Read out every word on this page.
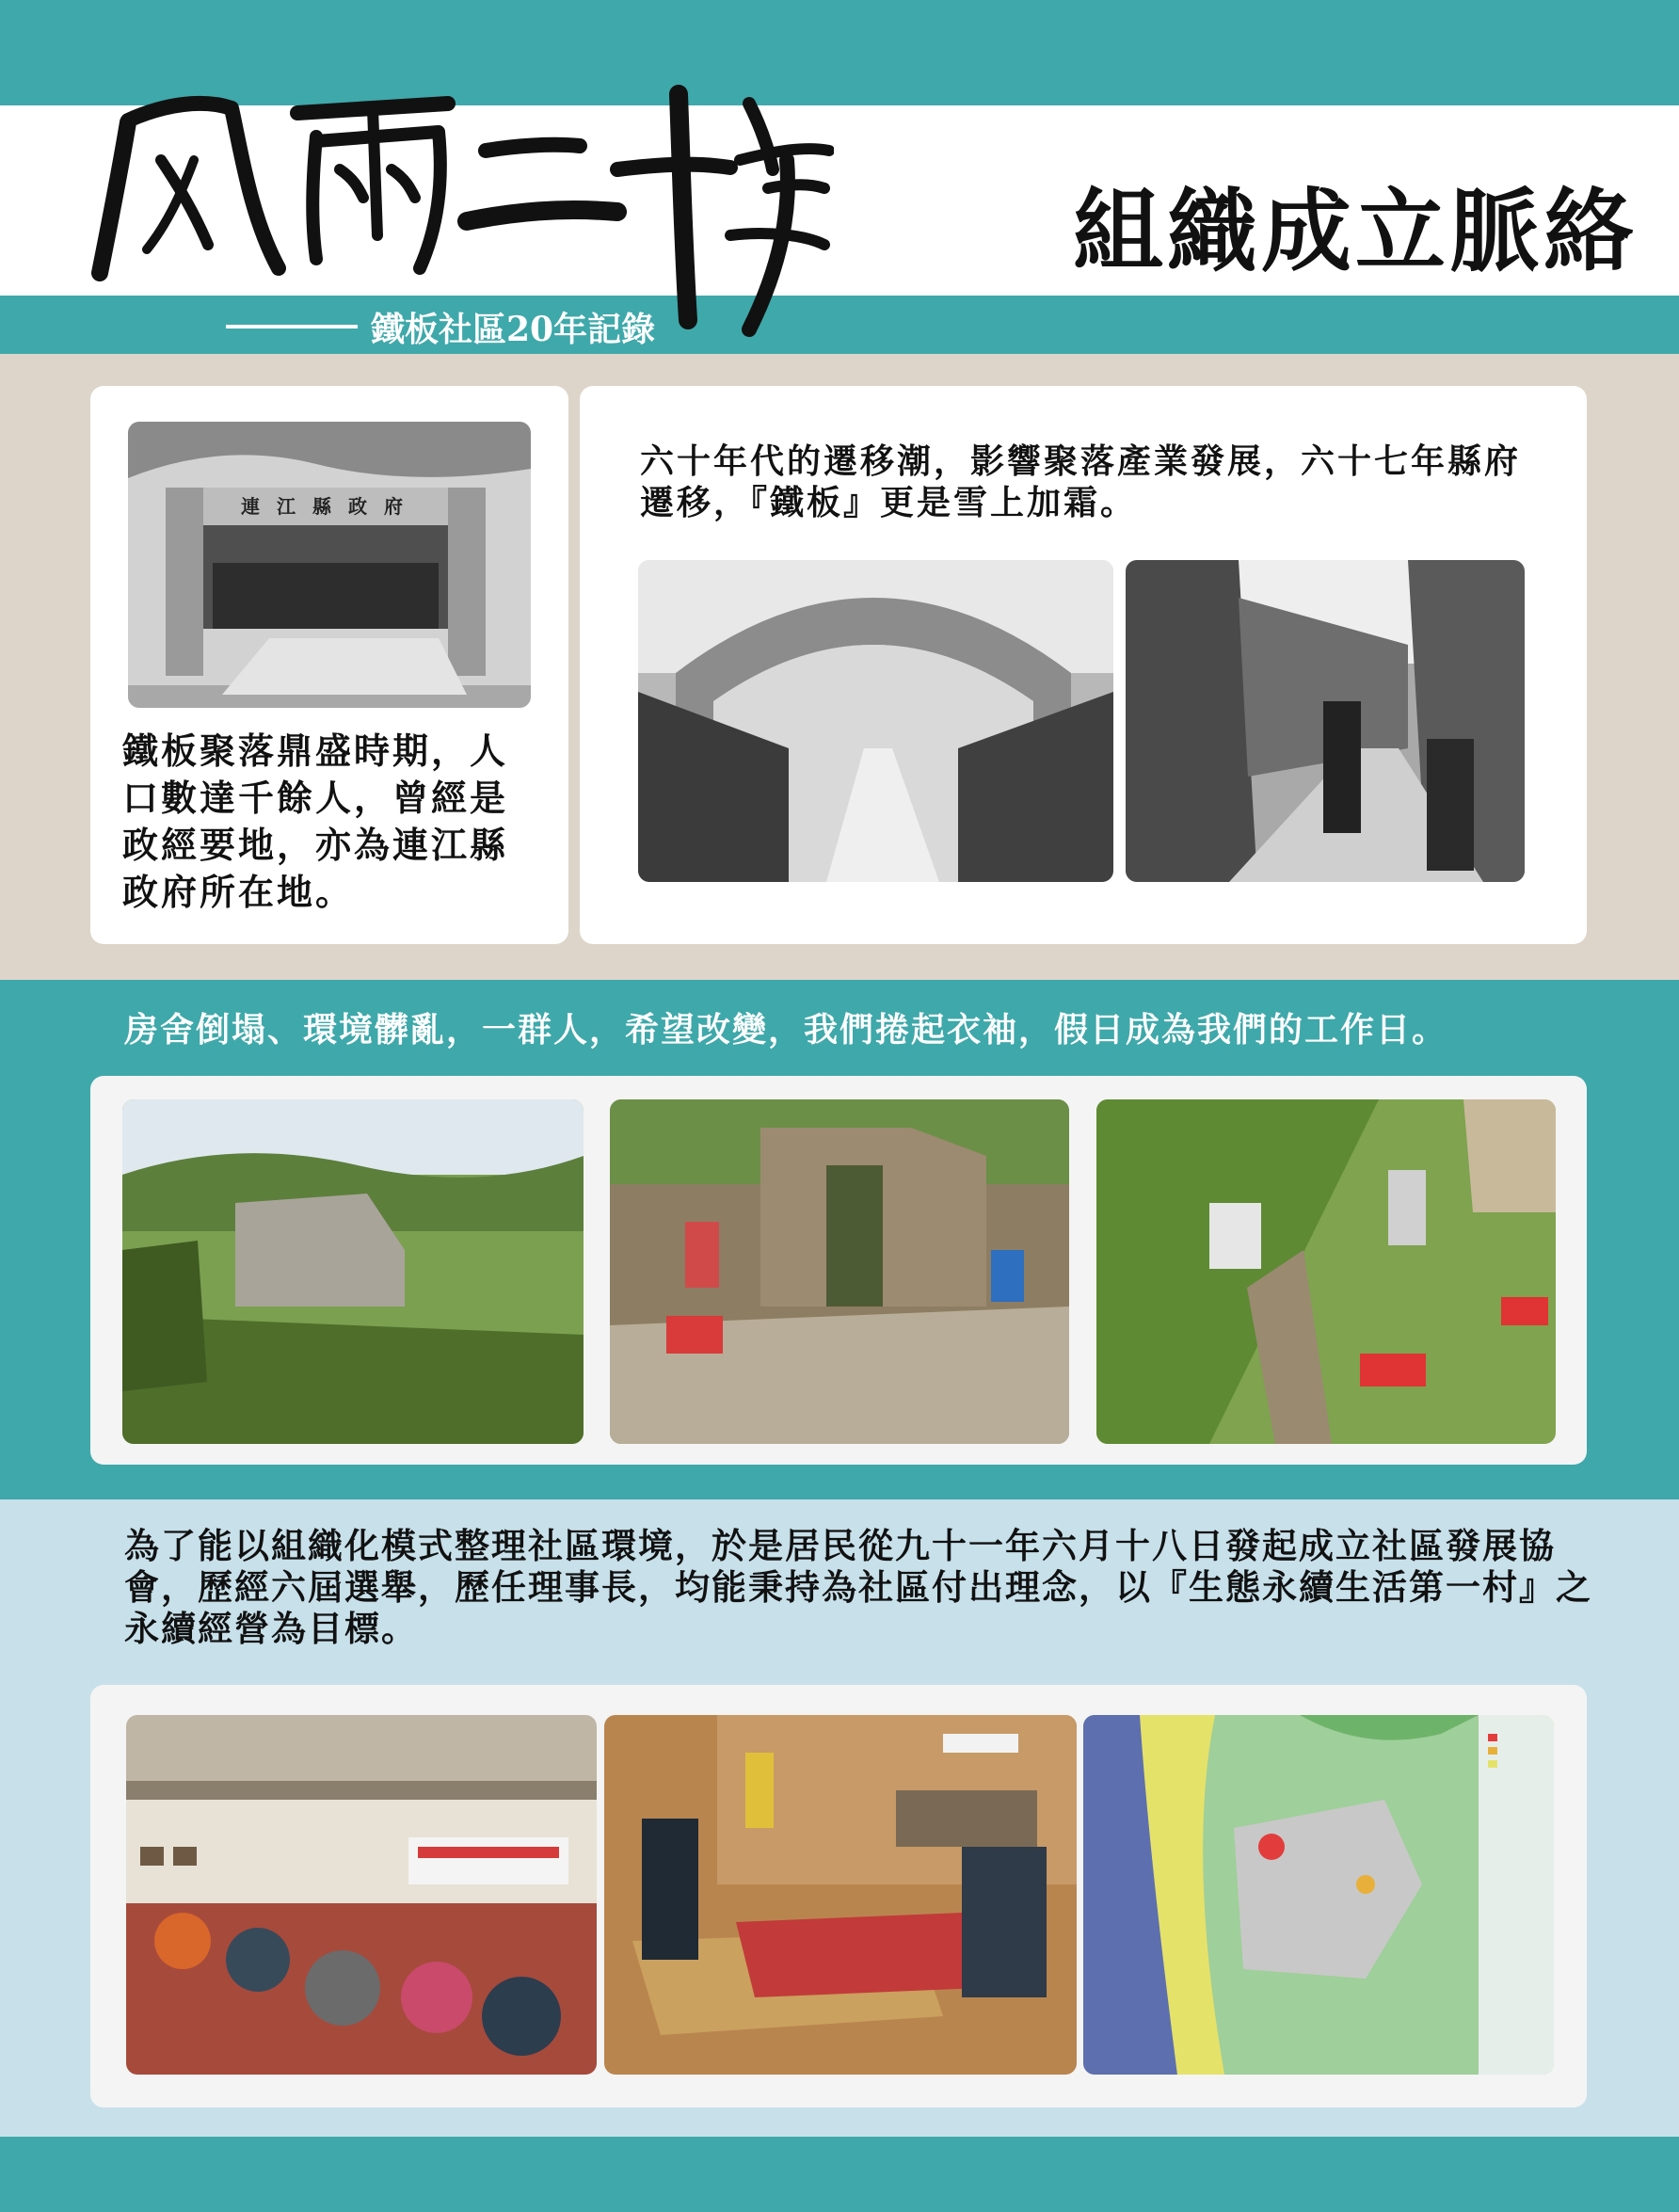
鐵板社區20年記錄
組織成立脈絡
連江縣政府
鐵板聚落鼎盛時期，人口數達千餘人，曾經是政經要地，亦為連江縣政府所在地。
六十年代的遷移潮，影響聚落產業發展，六十七年縣府遷移，『鐵板』更是雪上加霜。
房舍倒塌、環境髒亂，一群人，希望改變，我們捲起衣袖，假日成為我們的工作日。
為了能以組織化模式整理社區環境，於是居民從九十一年六月十八日發起成立社區發展協會，歷經六屆選舉，歷任理事長，均能秉持為社區付出理念，以『生態永續生活第一村』之永續經營為目標。
